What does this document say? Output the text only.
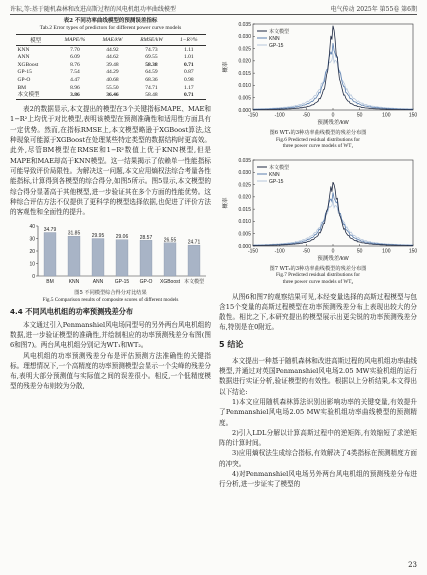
许耘,等:基于随机森林和改进高斯过程的风电机组功率曲线模型	电气传动 2025年 第55卷 第6期
表2 不同功率曲线模型的预测误差指标
Tab.2 Error types of predictors for different power curve models
模型	MAPE/%	MAE/kW	RMSE/kW	1−R²/%
KNN	7.70	44.92	74.73	1.11
ANN	6.09	44.62	69.55	1.01
XGBoost	8.76	39.48	58.38	0.71
GP-15	7.54	44.29	64.59	0.87
GP-O	4.47	40.68	68.36	0.98
BM	8.96	55.50	74.71	1.17
本文模型	3.86	36.46	58.48	0.71

表2的数据显示,本文提出的模型在3个关键指标MAPE、MAE和1−R²上均优于对比模型,表明该模型在预测准确性和适用性方面具有一定优势。然而,在指标RMSE上,本文模型略逊于XGBoost算法,这种现象可能源于XGBoost在处理某些特定类型的数据结构时更高效。此外,尽管BM模型在RMSE和1−R²数值上优于KNN模型,但是MAPE和MAE却高于KNN模型。这一结果揭示了依赖单一性能指标可能导致评价局限性。为解决这一问题,本文应用熵权法综合考量各性能指标,计算得到各模型的综合得分,如图5所示。图5显示,本文模型的综合得分显著高于其他模型,进一步验证其在多个方面的性能优势。这种综合评估方法不仅提供了更科学的模型选择依据,也促进了评价方法的客观性和全面性的提升。

0
10
20
30
40
34.79
BM
31.85
KNN
29.95
ANN
29.06
GP-15
28.57
GP-O
26.55
XGBoost
24.71
本文模型
图5 不同模型综合得分对比结果
Fig.5 Comparison results of composite scores of different models
4.4 不同风电机组的功率预测残差分布

本文通过引入Penmanshiel风电场同型号的另外两台风电机组的数据,进一步验证模型的准确性,并绘制相应的功率预测残差分布图(图6和图7)。两台风电机组分别记为WT₁和WT₂。

风电机组的功率预测残差分布是评估预测方法准确性的关键指标。理想情况下,一个高精度的功率预测模型会显示一个尖峰的残差分布,表明大部分预测值与实际值之间的误差很小。相反,一个低精度模型的残差分布则较为分散,

0.000
0.005
0.010
0.015
0.020
0.025
0.030
0.035
-150	-100	-50	0	50	100	150
预测残差/kW
概率
本文模型
KNN
GP-15
图6 WT₁的3种功率曲线模型的残差分布图
Fig.6 Predicted residual distributions for
three power curve models of WT₁
0.000
0.005
0.010
0.015
0.020
0.025
0.030
0.035
-150	-100	-50	0	50	100	150
预测残差/kW
概率
本文模型
KNN
GP-15
图7 WT₂的3种功率曲线模型的残差分布图
Fig.7 Predicted residual distributions for
three power curve models of WT₂

从图6和图7的观察结果可见,本经变量选择的高斯过程模型与包含15个变量的高斯过程模型在功率预测残差分布上表现出较大的分散性。相比之下,本研究提出的模型展示出更尖锐的功率预测残差分布,特别是在0附近。

5 结论

本文提出一种基于随机森林和改进高斯过程的风电机组功率曲线模型,并通过对英国Penmanshiel风电场2.05 MW实验机组的运行数据进行实证分析,验证模型的有效性。根据以上分析结果,本文得出以下结论:

1)本文应用随机森林算法识别出影响功率的关键变量,有效提升了Penmanshiel风电场2.05 MW实验机组功率曲线模型的预测精度。

2)引入LDL分解以计算高斯过程中的逆矩阵,有效缩短了求逆矩阵的计算时间。

3)应用熵权法生成综合指标,有效解决了4类指标在预测精度方面的冲突。

4)对Penmanshiel风电场另外两台风电机组的预测残差分布进行分析,进一步证实了模型的

23
